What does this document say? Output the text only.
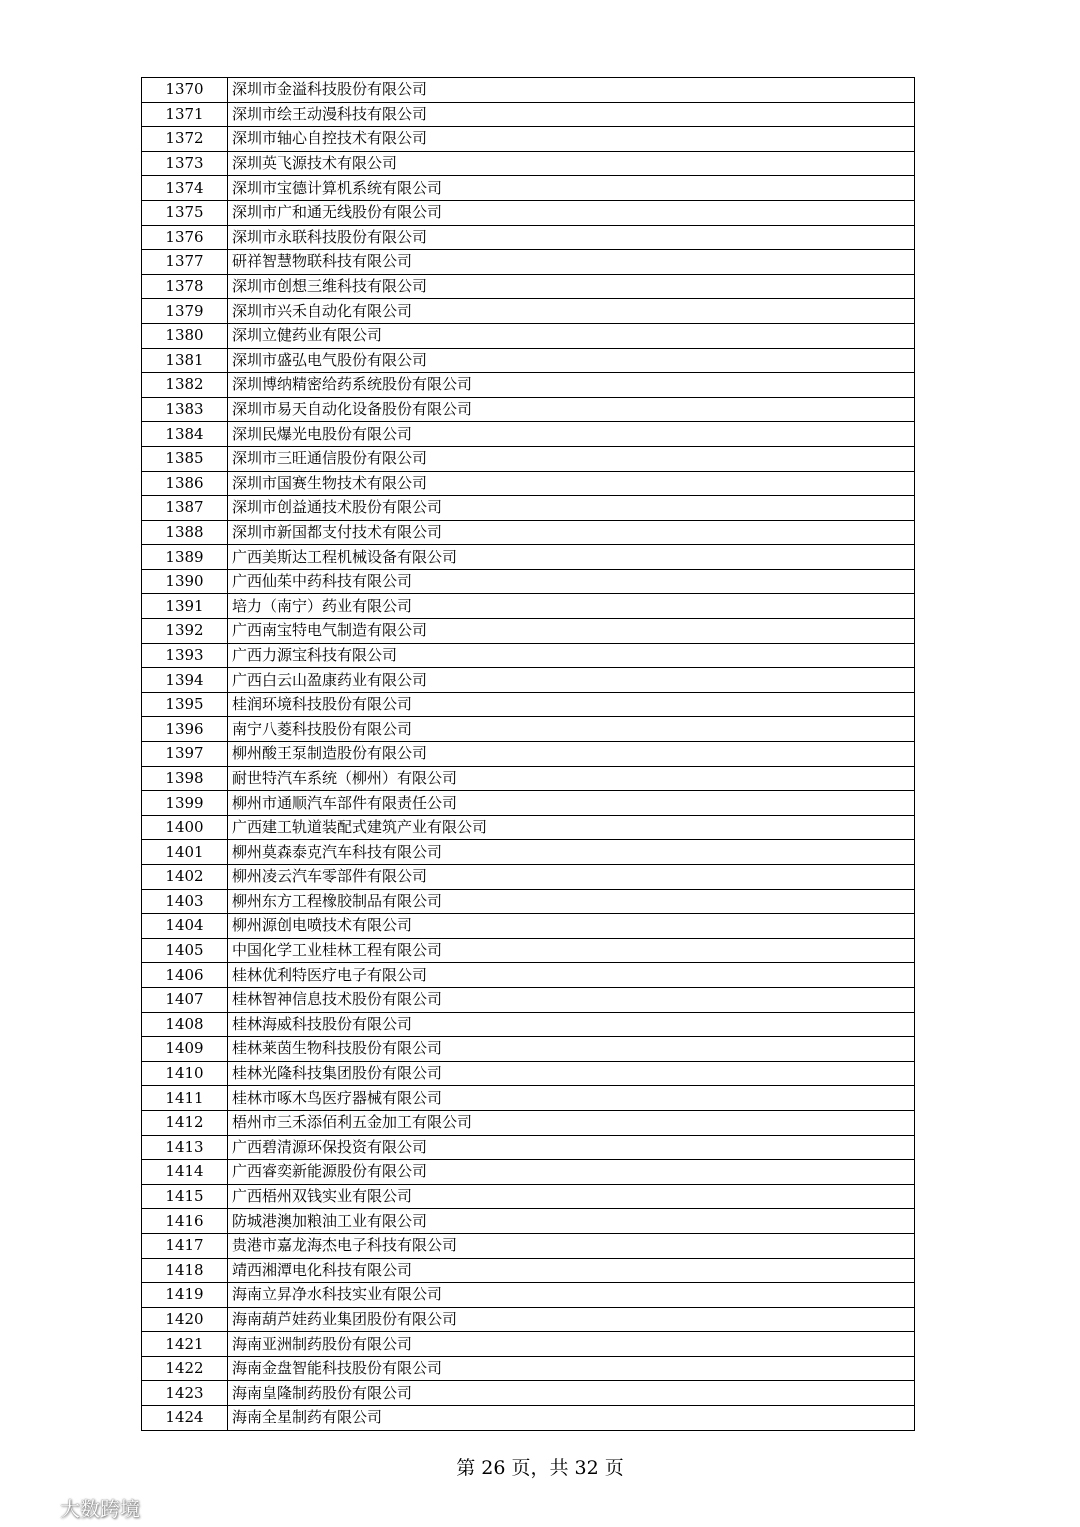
1370	深圳市金溢科技股份有限公司
1371	深圳市绘王动漫科技有限公司
1372	深圳市轴心自控技术有限公司
1373	深圳英飞源技术有限公司
1374	深圳市宝德计算机系统有限公司
1375	深圳市广和通无线股份有限公司
1376	深圳市永联科技股份有限公司
1377	研祥智慧物联科技有限公司
1378	深圳市创想三维科技有限公司
1379	深圳市兴禾自动化有限公司
1380	深圳立健药业有限公司
1381	深圳市盛弘电气股份有限公司
1382	深圳博纳精密给药系统股份有限公司
1383	深圳市易天自动化设备股份有限公司
1384	深圳民爆光电股份有限公司
1385	深圳市三旺通信股份有限公司
1386	深圳市国赛生物技术有限公司
1387	深圳市创益通技术股份有限公司
1388	深圳市新国都支付技术有限公司
1389	广西美斯达工程机械设备有限公司
1390	广西仙茱中药科技有限公司
1391	培力（南宁）药业有限公司
1392	广西南宝特电气制造有限公司
1393	广西力源宝科技有限公司
1394	广西白云山盈康药业有限公司
1395	桂润环境科技股份有限公司
1396	南宁八菱科技股份有限公司
1397	柳州酸王泵制造股份有限公司
1398	耐世特汽车系统（柳州）有限公司
1399	柳州市通顺汽车部件有限责任公司
1400	广西建工轨道装配式建筑产业有限公司
1401	柳州莫森泰克汽车科技有限公司
1402	柳州凌云汽车零部件有限公司
1403	柳州东方工程橡胶制品有限公司
1404	柳州源创电喷技术有限公司
1405	中国化学工业桂林工程有限公司
1406	桂林优利特医疗电子有限公司
1407	桂林智神信息技术股份有限公司
1408	桂林海威科技股份有限公司
1409	桂林莱茵生物科技股份有限公司
1410	桂林光隆科技集团股份有限公司
1411	桂林市啄木鸟医疗器械有限公司
1412	梧州市三禾添佰利五金加工有限公司
1413	广西碧清源环保投资有限公司
1414	广西睿奕新能源股份有限公司
1415	广西梧州双钱实业有限公司
1416	防城港澳加粮油工业有限公司
1417	贵港市嘉龙海杰电子科技有限公司
1418	靖西湘潭电化科技有限公司
1419	海南立昇净水科技实业有限公司
1420	海南葫芦娃药业集团股份有限公司
1421	海南亚洲制药股份有限公司
1422	海南金盘智能科技股份有限公司
1423	海南皇隆制药股份有限公司
1424	海南全星制药有限公司
第 26 页，共 32 页
大数跨境
